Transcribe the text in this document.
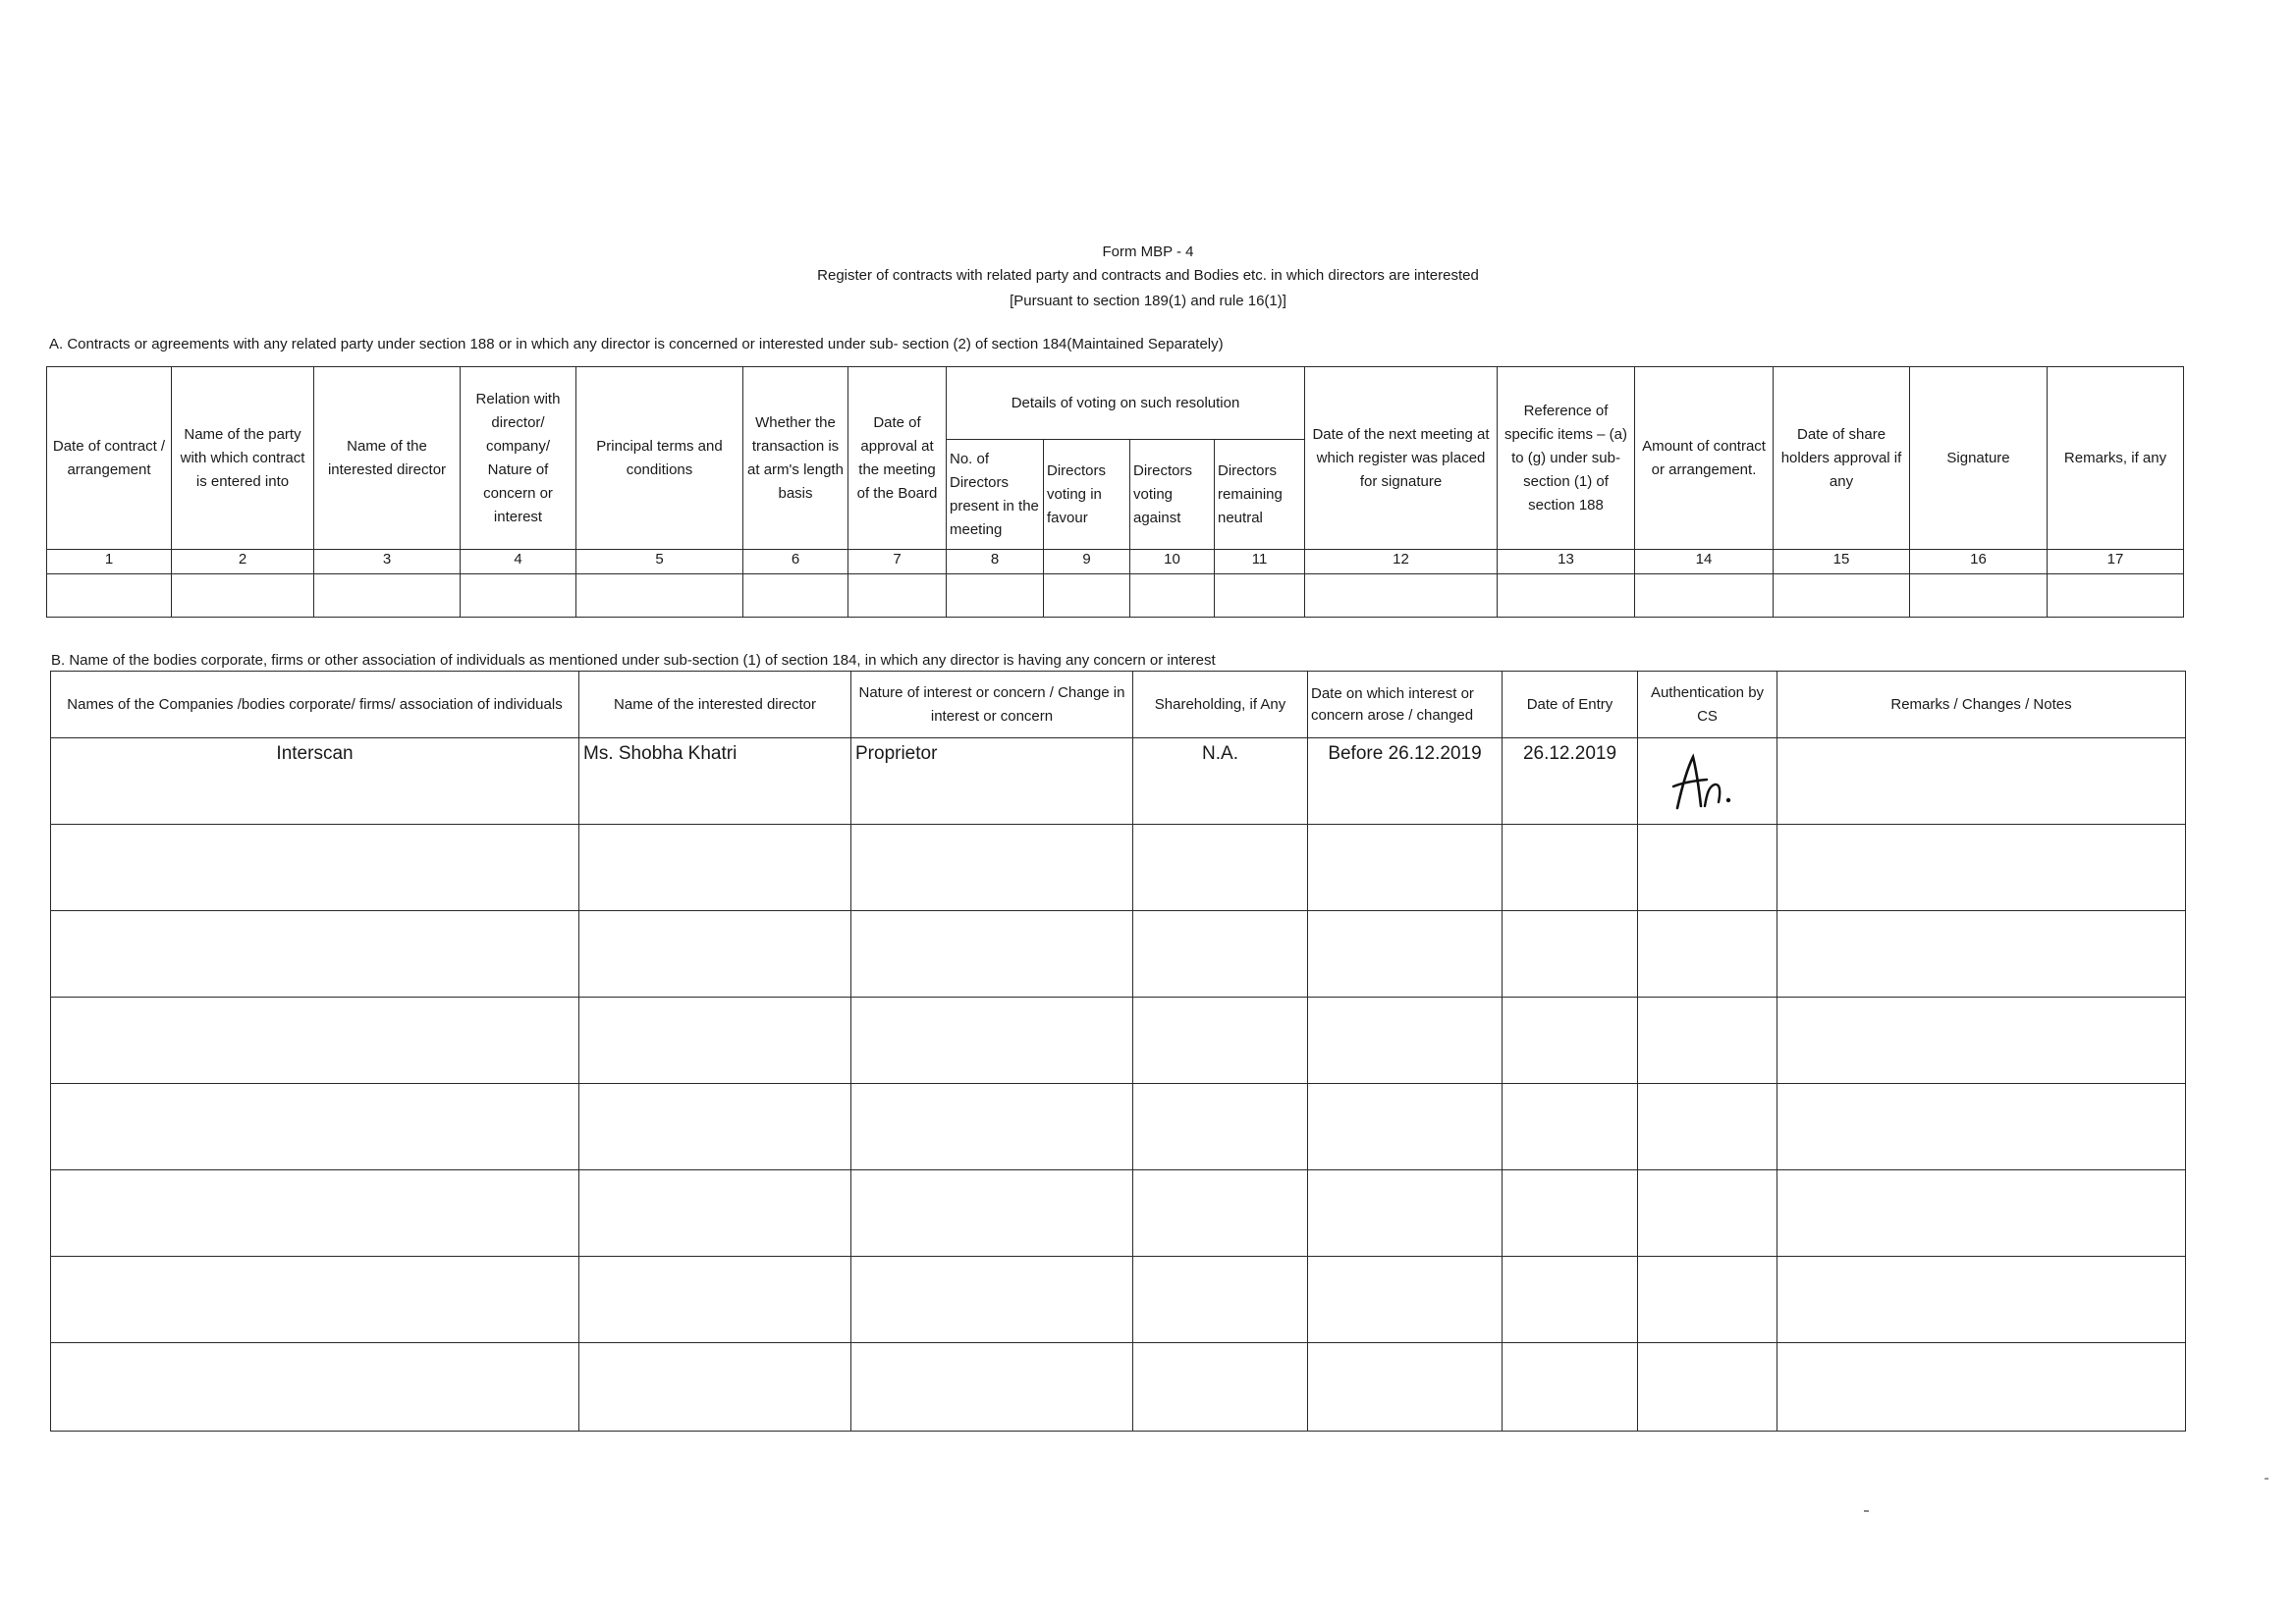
Form MBP - 4
Register of contracts with related party and contracts and Bodies etc. in which directors are interested
[Pursuant to section 189(1) and rule 16(1)]
A. Contracts or agreements with any related party under section 188 or in which any director is concerned or interested under sub- section (2) of section 184(Maintained Separately)
Date of contract / arrangement	Name of the party with which contract is entered into	Name of the interested director	Relation with director/ company/ Nature of concern or interest	Principal terms and conditions	Whether the transaction is at arm's length basis	Date of approval at the meeting of the Board	Details of voting on such resolution				Date of the next meeting at which register was placed for signature	Reference of specific items – (a) to (g) under sub-section (1) of section 188	Amount of contract or arrangement.	Date of share holders approval if any	Signature	Remarks, if any
							No. of Directors present in the meeting	Directors voting in favour	Directors voting against	Directors remaining neutral						
1	2	3	4	5	6	7	8	9	10	11	12	13	14	15	16	17

B. Name of the bodies corporate, firms or other association of individuals as mentioned under sub-section (1) of section 184, in which any director is having any concern or interest
Names of the Companies /bodies corporate/ firms/ association of individuals	Name of the interested director	Nature of interest or concern / Change in interest or concern	Shareholding, if Any	Date on which interest or concern arose / changed	Date of Entry	Authentication by CS	Remarks / Changes / Notes
Interscan	Ms. Shobha Khatri	Proprietor	N.A.	Before 26.12.2019	26.12.2019	
